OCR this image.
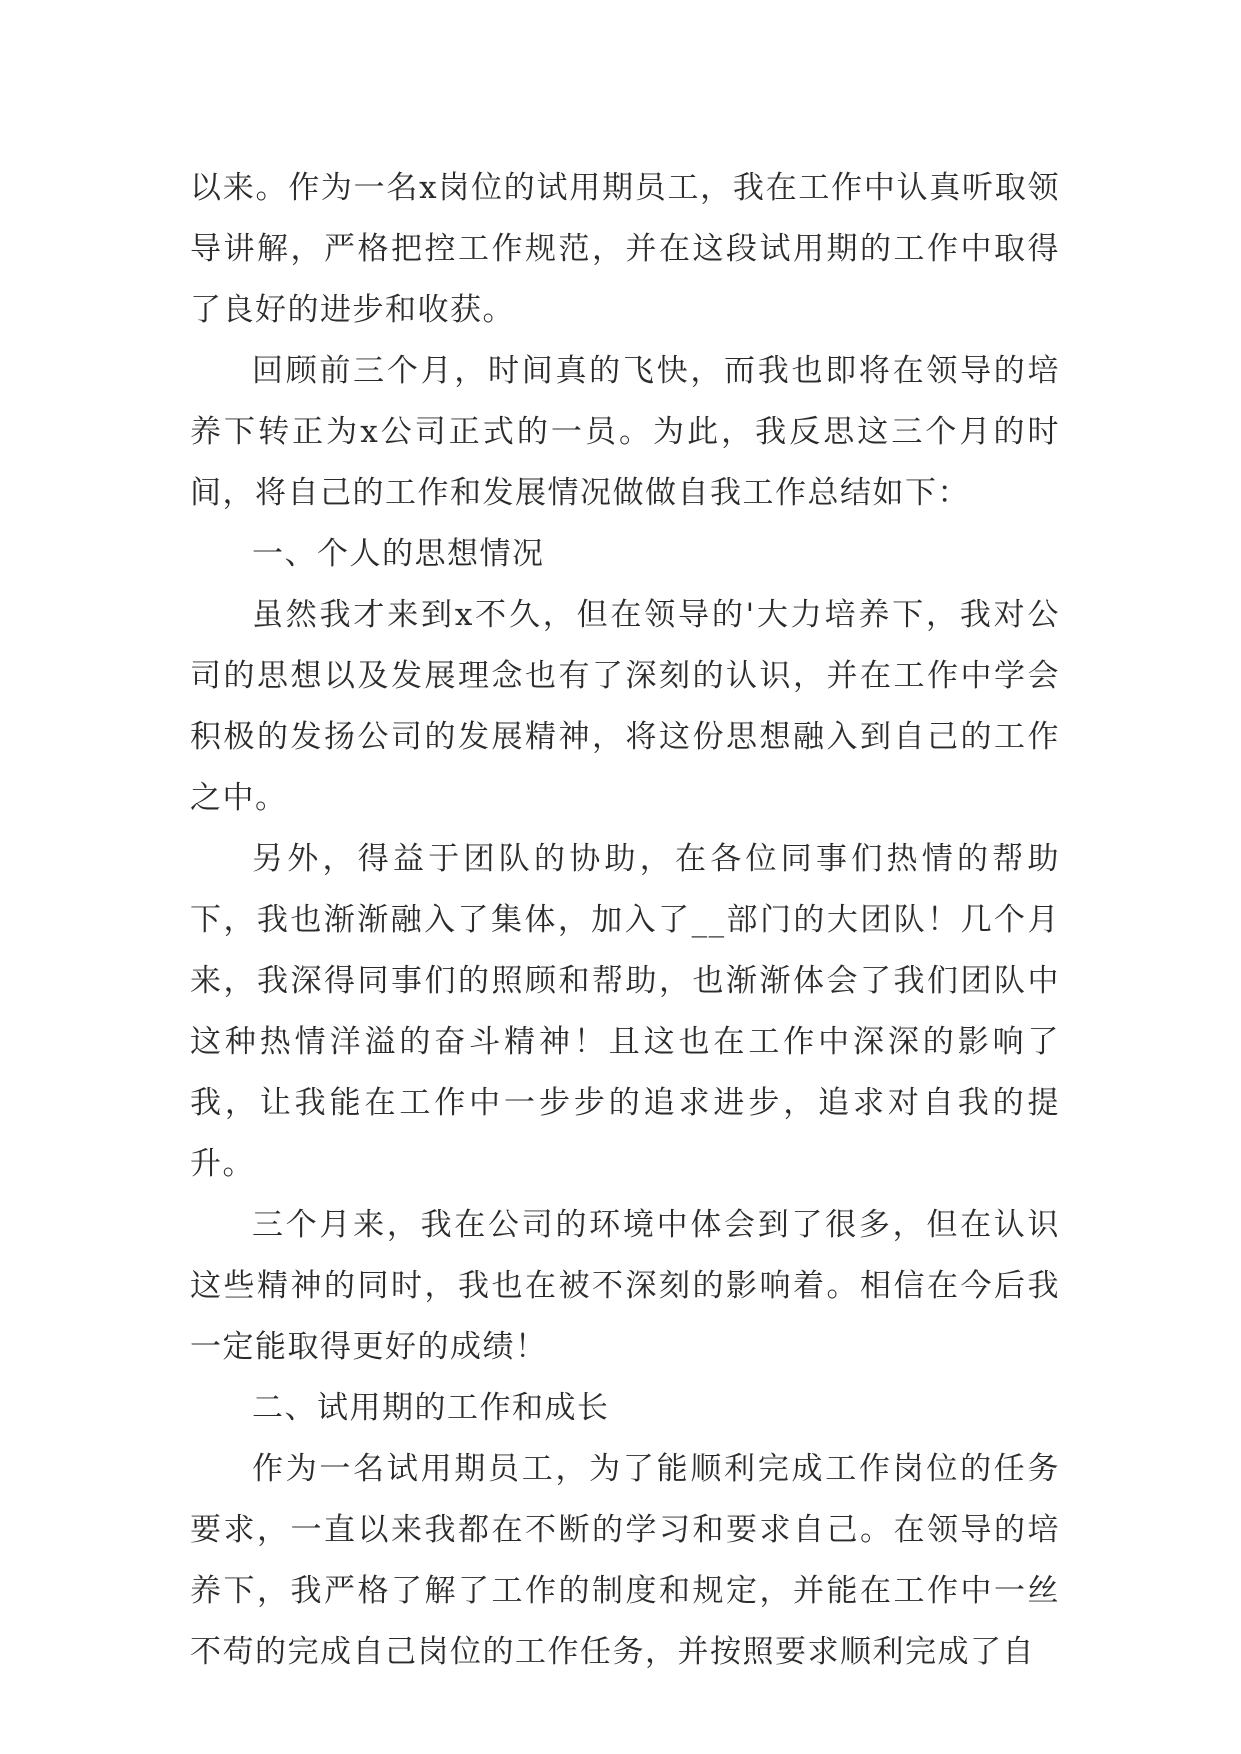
以来。作为一名x岗位的试用期员工，我在工作中认真听取领导讲解，严格把控工作规范，并在这段试用期的工作中取得了良好的进步和收获。

回顾前三个月，时间真的飞快，而我也即将在领导的培养下转正为x公司正式的一员。为此，我反思这三个月的时间，将自己的工作和发展情况做做自我工作总结如下：

一、个人的思想情况

虽然我才来到x不久，但在领导的'大力培养下，我对公司的思想以及发展理念也有了深刻的认识，并在工作中学会积极的发扬公司的发展精神，将这份思想融入到自己的工作之中。

另外，得益于团队的协助，在各位同事们热情的帮助下，我也渐渐融入了集体，加入了__部门的大团队！几个月来，我深得同事们的照顾和帮助，也渐渐体会了我们团队中这种热情洋溢的奋斗精神！且这也在工作中深深的影响了我，让我能在工作中一步步的追求进步，追求对自我的提升。

三个月来，我在公司的环境中体会到了很多，但在认识这些精神的同时，我也在被不深刻的影响着。相信在今后我一定能取得更好的成绩！

二、试用期的工作和成长

作为一名试用期员工，为了能顺利完成工作岗位的任务要求，一直以来我都在不断的学习和要求自己。在领导的培养下，我严格了解了工作的制度和规定，并能在工作中一丝不苟的完成自己岗位的工作任务，并按照要求顺利完成了自
